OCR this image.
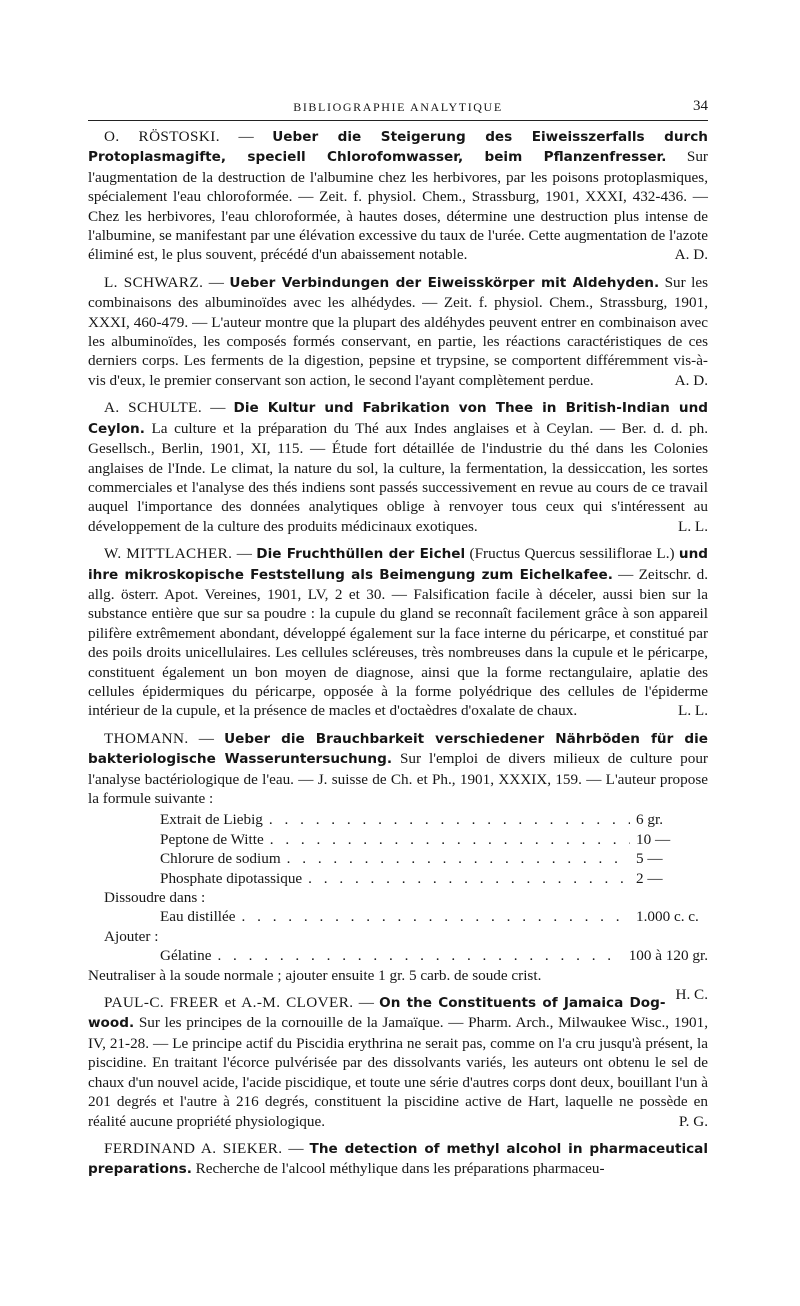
BIBLIOGRAPHIE ANALYTIQUE	34

O. RÖSTOSKI. — Ueber die Steigerung des Eiweisszerfalls durch Protoplasmagifte, speciell Chlorofomwasser, beim Pflanzenfresser. Sur l'augmentation de la destruction de l'albumine chez les herbivores, par les poisons protoplasmiques, spécialement l'eau chloroformée. — Zeit. f. physiol. Chem., Strassburg, 1901, XXXI, 432-436. — Chez les herbivores, l'eau chloroformée, à hautes doses, détermine une destruction plus intense de l'albumine, se manifestant par une élévation excessive du taux de l'urée. Cette augmentation de l'azote éliminé est, le plus souvent, précédé d'un abaissement notable.	A. D.

L. SCHWARZ. — Ueber Verbindungen der Eiweisskörper mit Aldehyden. Sur les combinaisons des albuminoïdes avec les alhédydes. — Zeit. f. physiol. Chem., Strassburg, 1901, XXXI, 460-479. — L'auteur montre que la plupart des aldéhydes peuvent entrer en combinaison avec les albuminoïdes, les composés formés conservant, en partie, les réactions caractéristiques de ces derniers corps. Les ferments de la digestion, pepsine et trypsine, se comportent différemment vis-à-vis d'eux, le premier conservant son action, le second l'ayant complètement perdue.	A. D.

A. SCHULTE. — Die Kultur und Fabrikation von Thee in British-Indian und Ceylon. La culture et la préparation du Thé aux Indes anglaises et à Ceylan. — Ber. d. d. ph. Gesellsch., Berlin, 1901, XI, 115. — Étude fort détaillée de l'industrie du thé dans les Colonies anglaises de l'Inde. Le climat, la nature du sol, la culture, la fermentation, la dessiccation, les sortes commerciales et l'analyse des thés indiens sont passés successivement en revue au cours de ce travail auquel l'importance des données analytiques oblige à renvoyer tous ceux qui s'intéressent au développement de la culture des produits médicinaux exotiques.	L. L.

W. MITTLACHER. — Die Fruchthüllen der Eichel (Fructus Quercus sessiliflorae L.) und ihre mikroskopische Feststellung als Beimengung zum Eichelkafee. — Zeitschr. d. allg. österr. Apot. Vereines, 1901, LV, 2 et 30. — Falsification facile à déceler, aussi bien sur la substance entière que sur sa poudre : la cupule du gland se reconnaît facilement grâce à son appareil pilifère extrêmement abondant, développé également sur la face interne du péricarpe, et constitué par des poils droits unicellulaires. Les cellules scléreuses, très nombreuses dans la cupule et le péricarpe, constituent également un bon moyen de diagnose, ainsi que la forme rectangulaire, aplatie des cellules épidermiques du péricarpe, opposée à la forme polyédrique des cellules de l'épiderme intérieur de la cupule, et la présence de macles et d'octaèdres d'oxalate de chaux.	L. L.

THOMANN. — Ueber die Brauchbarkeit verschiedener Nährböden für die bakteriologische Wasseruntersuchung. Sur l'emploi de divers milieux de culture pour l'analyse bactériologique de l'eau. — J. suisse de Ch. et Ph., 1901, XXXIX, 159. — L'auteur propose la formule suivante :

Extrait de Liebig . . .	6 gr.
Peptone de Witte . . .	10 —
Chlorure de sodium . . .	5 —
Phosphate dipotassique . . .	2 —
Dissoudre dans :
Eau distillée . . .	1.000 c. c.
Ajouter :
Gélatine . . .	100 à 120 gr.

Neutraliser à la soude normale ; ajouter ensuite 1 gr. 5 carb. de soude crist.

H. C.

PAUL-C. FREER et A.-M. CLOVER. — On the Constituents of Jamaica Dog-wood. Sur les principes de la cornouille de la Jamaïque. — Pharm. Arch., Milwaukee Wisc., 1901, IV, 21-28. — Le principe actif du Piscidia erythrina ne serait pas, comme on l'a cru jusqu'à présent, la piscidine. En traitant l'écorce pulvérisée par des dissolvants variés, les auteurs ont obtenu le sel de chaux d'un nouvel acide, l'acide piscidique, et toute une série d'autres corps dont deux, bouillant l'un à 201 degrés et l'autre à 216 degrés, constituent la piscidine active de Hart, laquelle ne possède en réalité aucune propriété physiologique.	P. G.

FERDINAND A. SIEKER. — The detection of methyl alcohol in pharmaceutical preparations. Recherche de l'alcool méthylique dans les préparations pharmaceu-
